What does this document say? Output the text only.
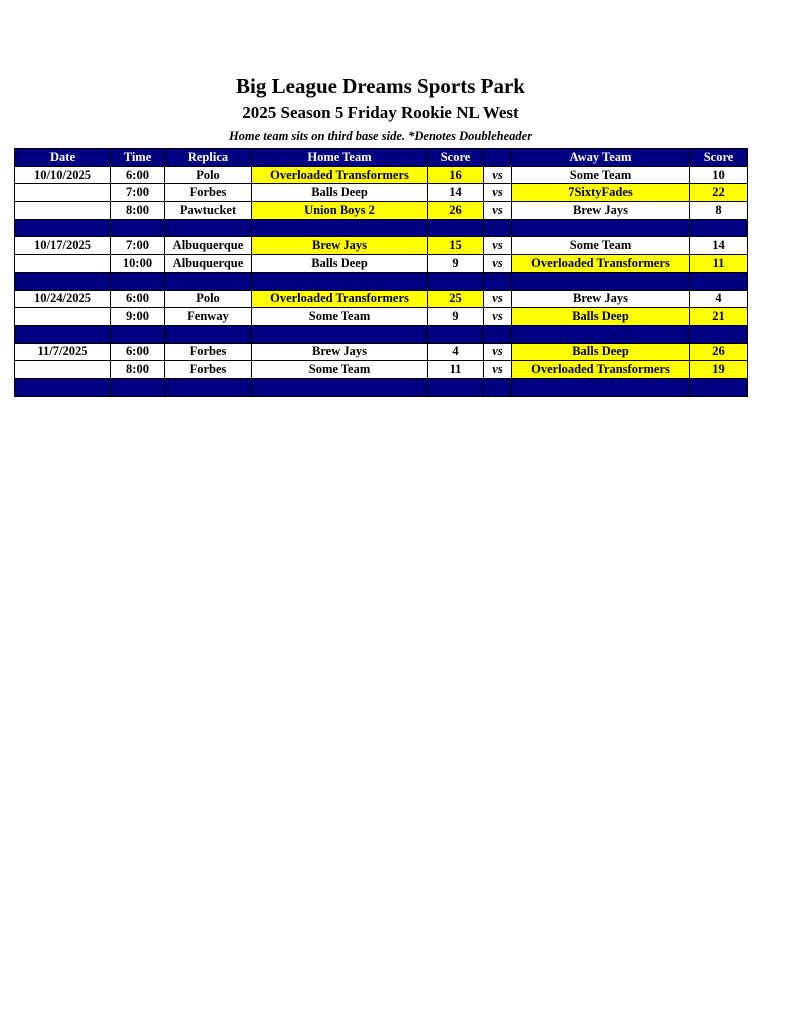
Big League Dreams Sports Park
2025 Season 5 Friday Rookie NL West
Home team sits on third base side. *Denotes Doubleheader
Date	Time	Replica	Home Team	Score		Away Team	Score
10/10/2025	6:00	Polo	Overloaded Transformers	16	vs	Some Team	10
	7:00	Forbes	Balls Deep	14	vs	7SixtyFades	22
	8:00	Pawtucket	Union Boys 2	26	vs	Brew Jays	8

10/17/2025	7:00	Albuquerque	Brew Jays	15	vs	Some Team	14
	10:00	Albuquerque	Balls Deep	9	vs	Overloaded Transformers	11

10/24/2025	6:00	Polo	Overloaded Transformers	25	vs	Brew Jays	4
	9:00	Fenway	Some Team	9	vs	Balls Deep	21

11/7/2025	6:00	Forbes	Brew Jays	4	vs	Balls Deep	26
	8:00	Forbes	Some Team	11	vs	Overloaded Transformers	19
